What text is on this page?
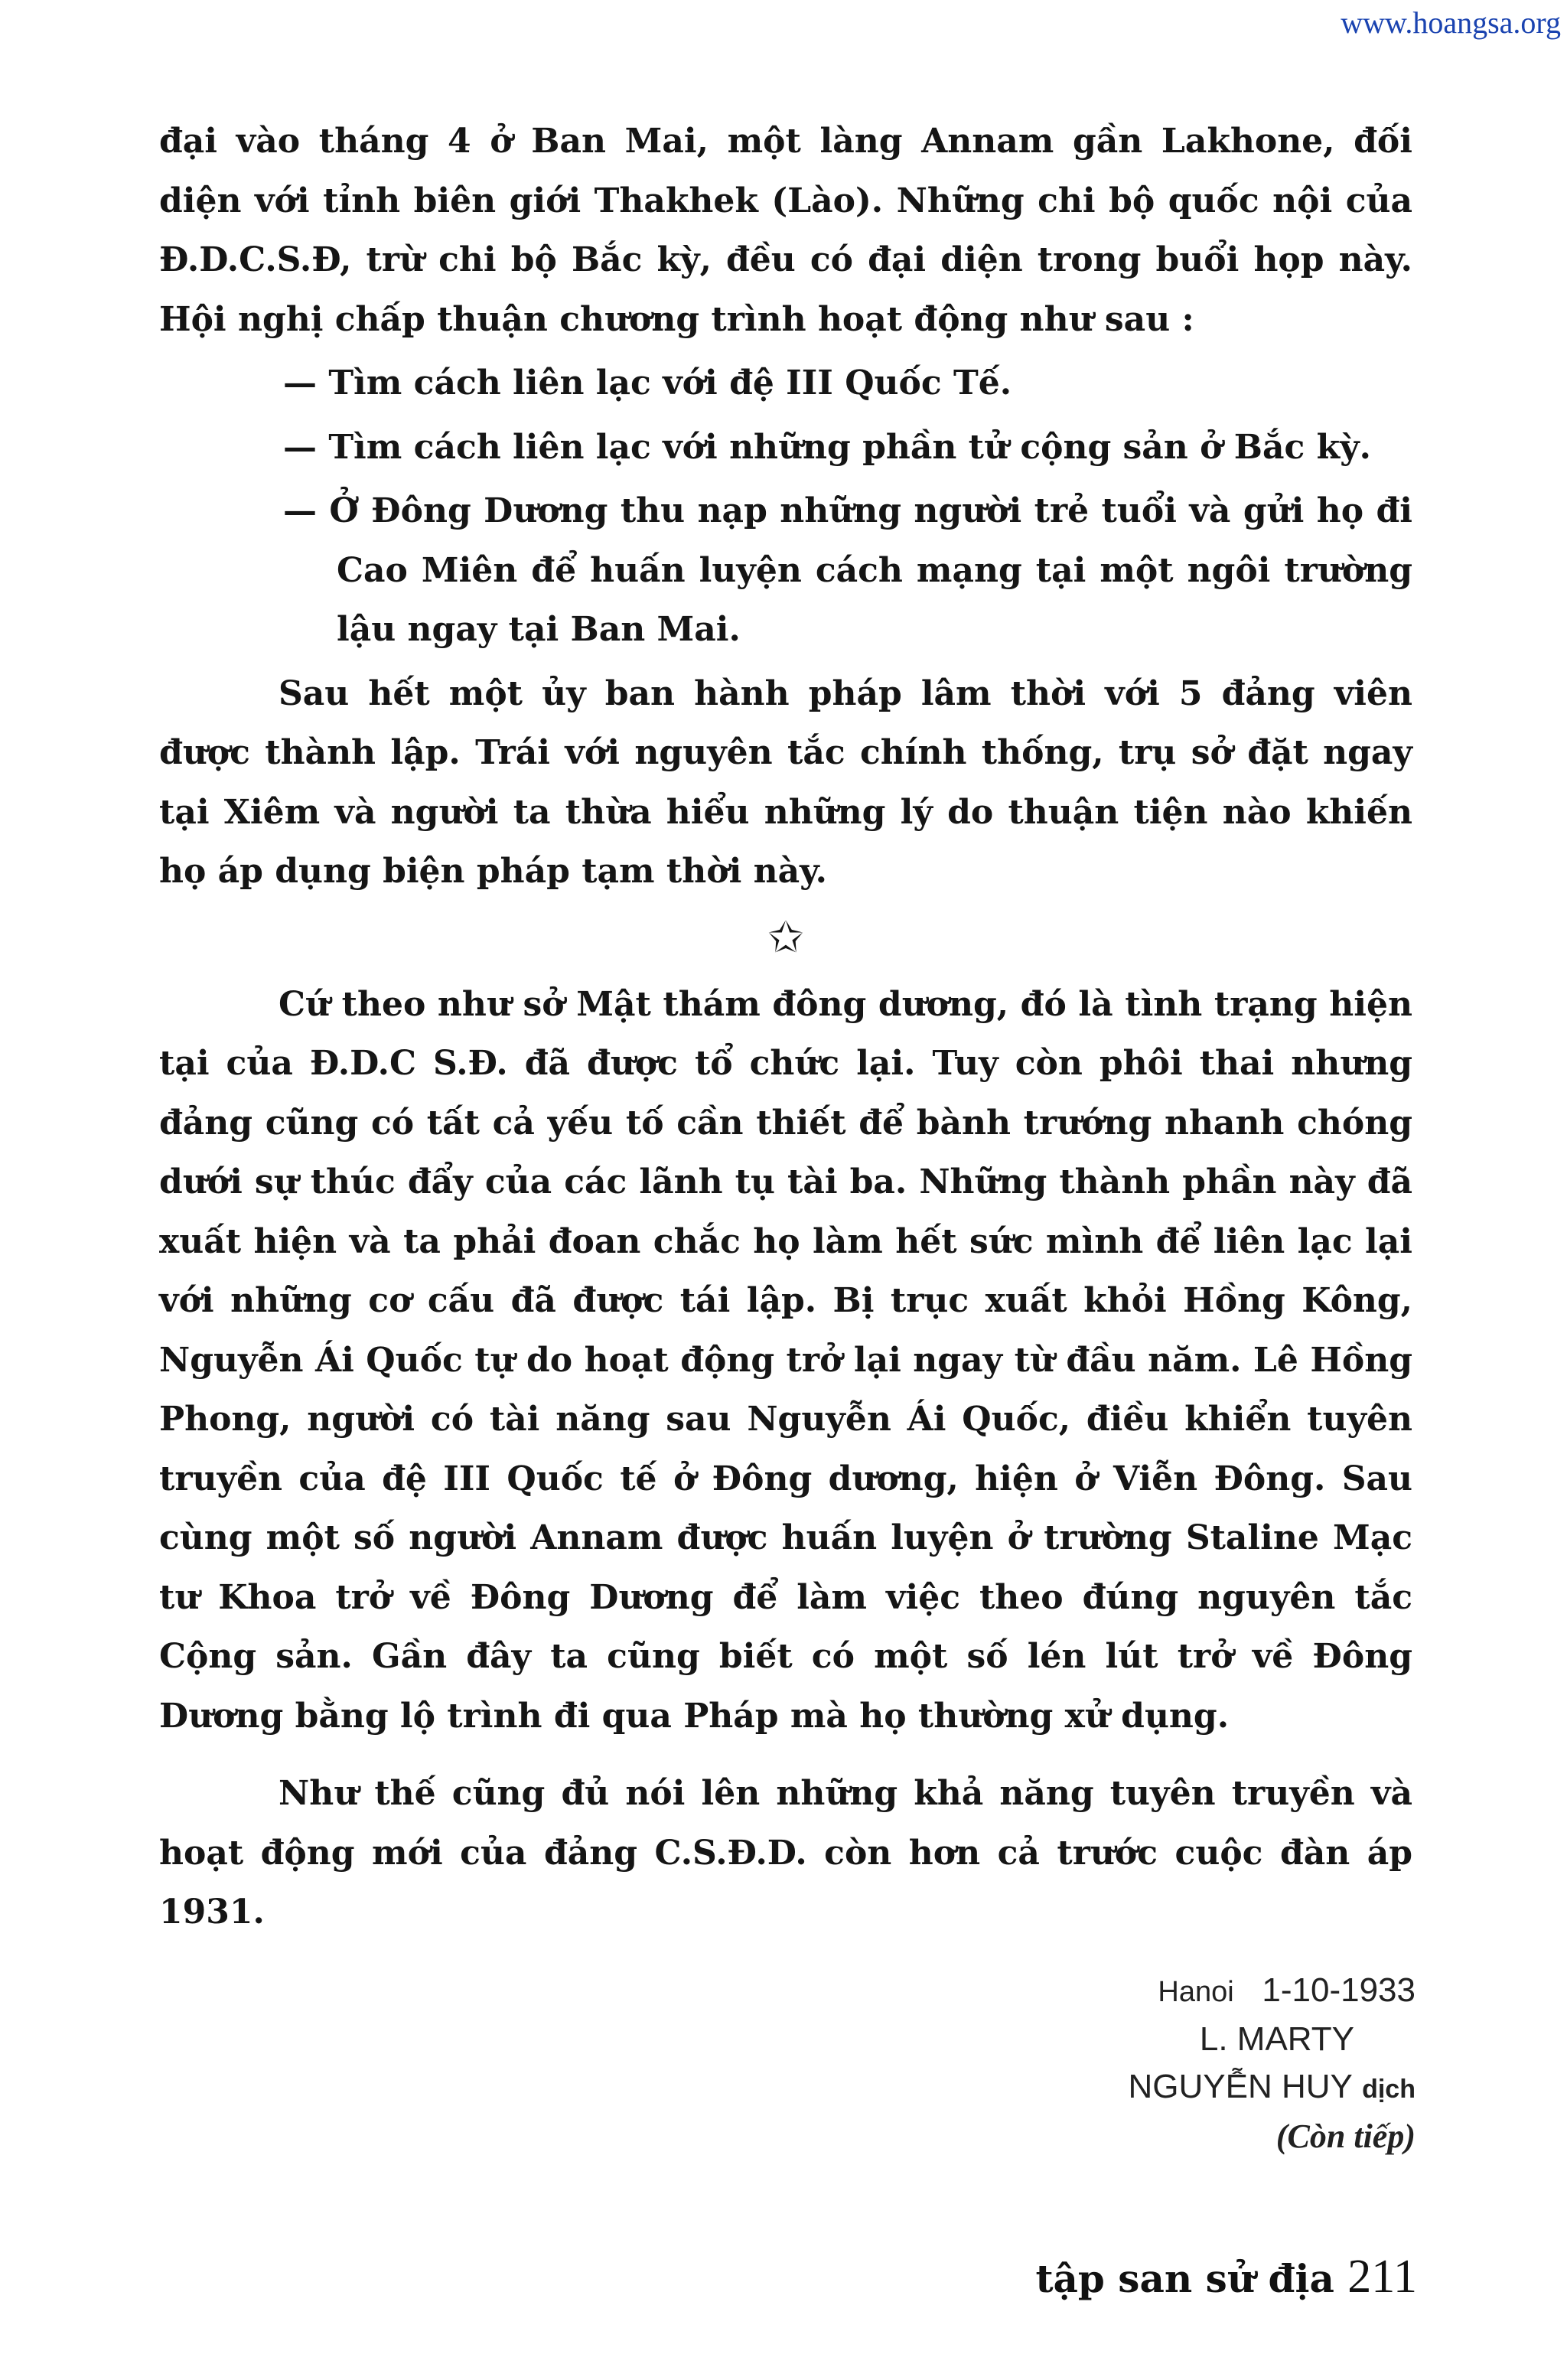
www.hoangsa.org

đại vào tháng 4 ở Ban Mai, một làng Annam gần Lakhone, đối diện với tỉnh biên giới Thakhek (Lào). Những chi bộ quốc nội của Đ.D.C.S.Đ, trừ chi bộ Bắc kỳ, đều có đại diện trong buổi họp này. Hội nghị chấp thuận chương trình hoạt động như sau :

— Tìm cách liên lạc với đệ III Quốc Tế.

— Tìm cách liên lạc với những phần tử cộng sản ở Bắc kỳ.

— Ở Đông Dương thu nạp những người trẻ tuổi và gửi họ đi Cao Miên để huấn luyện cách mạng tại một ngôi trường lậu ngay tại Ban Mai.

Sau hết một ủy ban hành pháp lâm thời với 5 đảng viên được thành lập. Trái với nguyên tắc chính thống, trụ sở đặt ngay tại Xiêm và người ta thừa hiểu những lý do thuận tiện nào khiến họ áp dụng biện pháp tạm thời này.

✩

Cứ theo như sở Mật thám đông dương, đó là tình trạng hiện tại của Đ.D.C S.Đ. đã được tổ chức lại. Tuy còn phôi thai nhưng đảng cũng có tất cả yếu tố cần thiết để bành trướng nhanh chóng dưới sự thúc đẩy của các lãnh tụ tài ba. Những thành phần này đã xuất hiện và ta phải đoan chắc họ làm hết sức mình để liên lạc lại với những cơ cấu đã được tái lập. Bị trục xuất khỏi Hồng Kông, Nguyễn Ái Quốc tự do hoạt động trở lại ngay từ đầu năm. Lê Hồng Phong, người có tài năng sau Nguyễn Ái Quốc, điều khiển tuyên truyền của đệ III Quốc tế ở Đông dương, hiện ở Viễn Đông. Sau cùng một số người Annam được huấn luyện ở trường Staline Mạc tư Khoa trở về Đông Dương để làm việc theo đúng nguyên tắc Cộng sản. Gần đây ta cũng biết có một số lén lút trở về Đông Dương bằng lộ trình đi qua Pháp mà họ thường xử dụng.

Như thế cũng đủ nói lên những khả năng tuyên truyền và hoạt động mới của đảng C.S.Đ.D. còn hơn cả trước cuộc đàn áp 1931.

Hanoi 1-10-1933
L. MARTY
NGUYỄN HUY dịch
(Còn tiếp)
tập san sử địa 211
